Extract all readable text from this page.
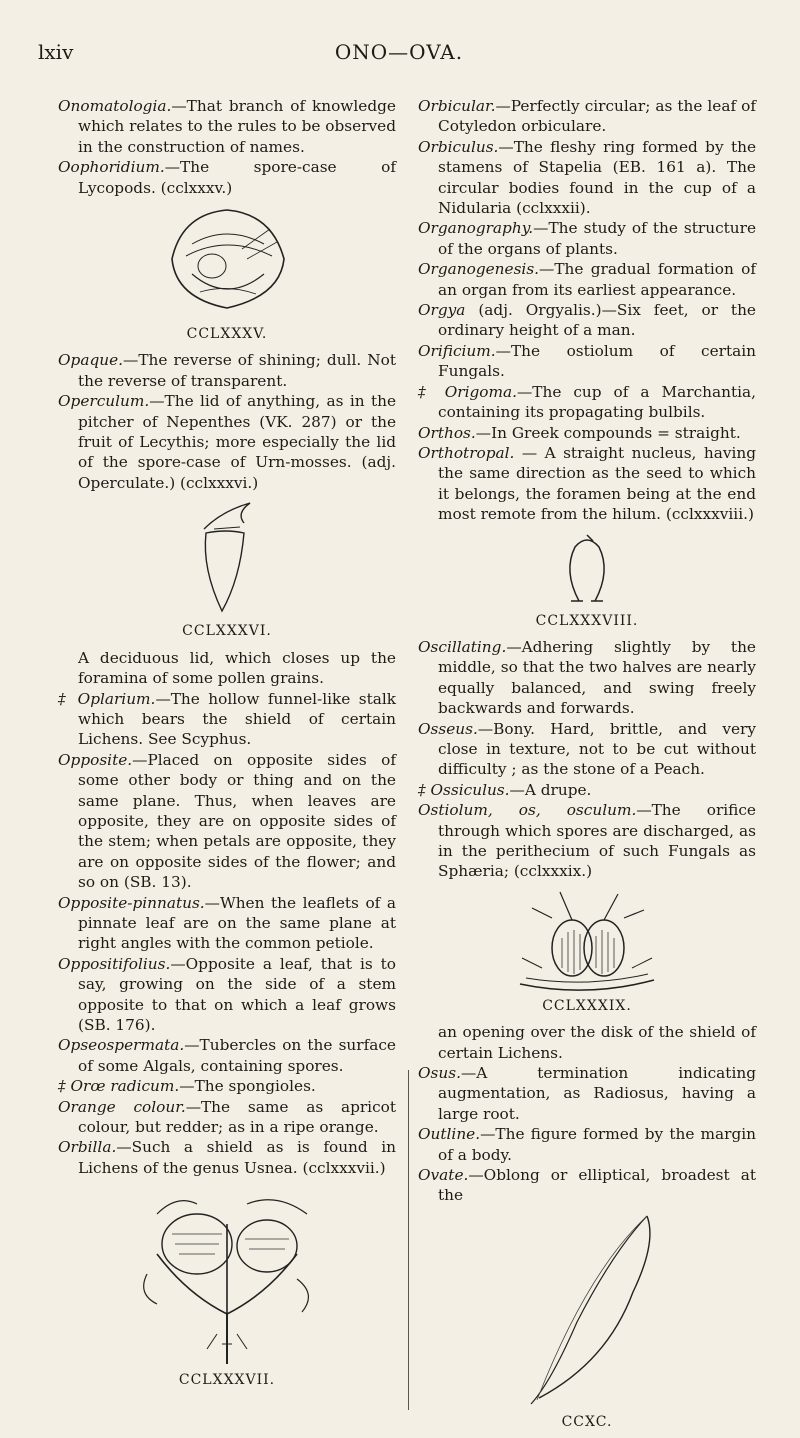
lxiv	ONO—OVA.

Onomatologia.—That branch of knowledge which relates to the rules to be observed in the construction of names.

Oophoridium.—The spore-case of Lycopods. (cclxxxv.)

CCLXXXV.

Opaque.—The reverse of shining; dull. Not the reverse of transparent.

Operculum.—The lid of anything, as in the pitcher of Nepenthes (VK. 287) or the fruit of Lecythis; more especially the lid of the spore-case of Urn-mosses. (adj. Operculate.) (cclxxxvi.)

CCLXXXVI.

A deciduous lid, which closes up the foramina of some pollen grains.

‡ Oplarium.—The hollow funnel-like stalk which bears the shield of certain Lichens. See Scyphus.

Opposite.—Placed on opposite sides of some other body or thing and on the same plane. Thus, when leaves are opposite, they are on opposite sides of the stem; when petals are opposite, they are on opposite sides of the flower; and so on (SB. 13).

Opposite-pinnatus.—When the leaflets of a pinnate leaf are on the same plane at right angles with the common petiole.

Oppositifolius.—Opposite a leaf, that is to say, growing on the side of a stem opposite to that on which a leaf grows (SB. 176).

Opseospermata.—Tubercles on the surface of some Algals, containing spores.

‡ Orœ radicum.—The spongioles.

Orange colour.—The same as apricot colour, but redder; as in a ripe orange.

Orbilla.—Such a shield as is found in Lichens of the genus Usnea. (cclxxxvii.)

CCLXXXVII.

Orbicular.—Perfectly circular; as the leaf of Cotyledon orbiculare.

Orbiculus.—The fleshy ring formed by the stamens of Stapelia (EB. 161 a). The circular bodies found in the cup of a Nidularia (cclxxxii).

Organography.—The study of the structure of the organs of plants.

Organogenesis.—The gradual formation of an organ from its earliest appearance.

Orgya (adj. Orgyalis.)—Six feet, or the ordinary height of a man.

Orificium.—The ostiolum of certain Fungals.

‡ Origoma.—The cup of a Marchantia, containing its propagating bulbils.

Orthos.—In Greek compounds = straight.

Orthotropal. — A straight nucleus, having the same direction as the seed to which it belongs, the foramen being at the end most remote from the hilum. (cclxxxviii.)

CCLXXXVIII.

Oscillating.—Adhering slightly by the middle, so that the two halves are nearly equally balanced, and swing freely backwards and forwards.

Osseus.—Bony. Hard, brittle, and very close in texture, not to be cut without difficulty ; as the stone of a Peach.

‡ Ossiculus.—A drupe.

Ostiolum, os, osculum.—The orifice through which spores are discharged, as in the perithecium of such Fungals as Sphæria; (cclxxxix.)

CCLXXXIX.

an opening over the disk of the shield of certain Lichens.

Osus.—A termination indicating augmentation, as Radiosus, having a large root.

Outline.—The figure formed by the margin of a body.

Ovate.—Oblong or elliptical, broadest at the

CCXC.
